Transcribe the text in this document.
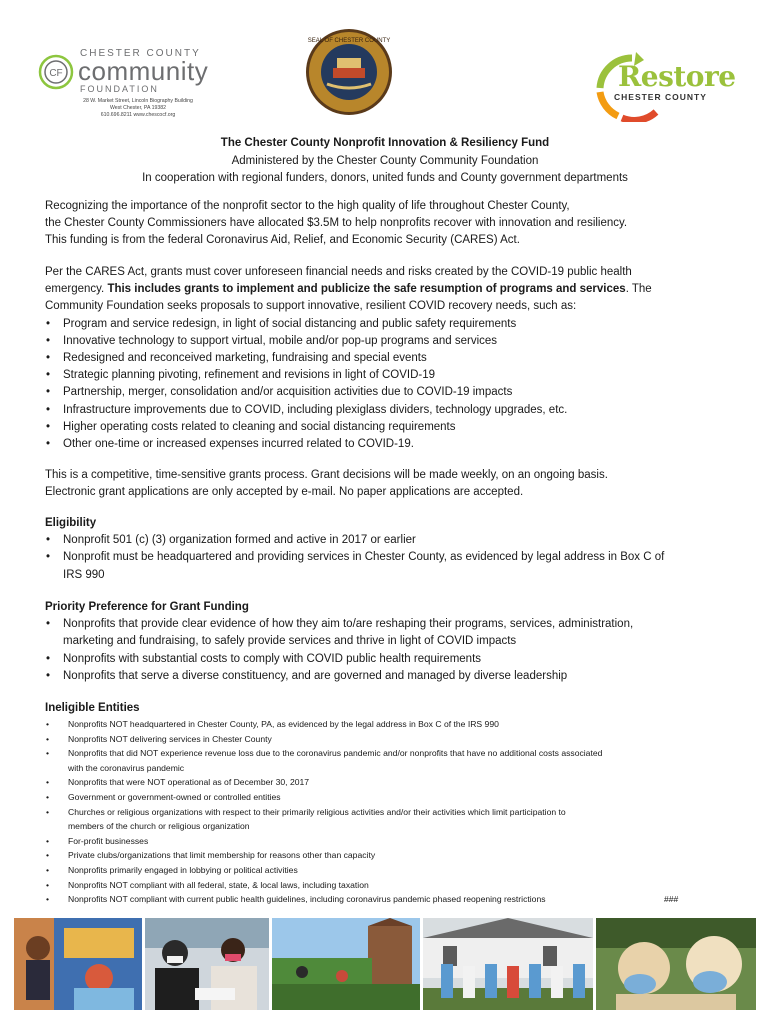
CF
CHESTER COUNTY
community
FOUNDATION
28 W. Market Street, Lincoln Biography Building
West Chester, PA 19382
610.696.8211 www.chescocf.org
SEAL OF CHESTER COUNTY
Restore
CHESTER COUNTY
The Chester County Nonprofit Innovation & Resiliency Fund
Administered by the Chester County Community Foundation
In cooperation with regional funders, donors, united funds and County government departments
Recognizing the importance of the nonprofit sector to the high quality of life throughout Chester County,
the Chester County Commissioners have allocated $3.5M to help nonprofits recover with innovation and resiliency.
This funding is from the federal Coronavirus Aid, Relief, and Economic Security (CARES) Act.
Per the CARES Act, grants must cover unforeseen financial needs and risks created by the COVID-19 public health
emergency. This includes grants to implement and publicize the safe resumption of programs and services. The
Community Foundation seeks proposals to support innovative, resilient COVID recovery needs, such as:
• Program and service redesign, in light of social distancing and public safety requirements
• Innovative technology to support virtual, mobile and/or pop-up programs and services
• Redesigned and reconceived marketing, fundraising and special events
• Strategic planning pivoting, refinement and revisions in light of COVID-19
• Partnership, merger, consolidation and/or acquisition activities due to COVID-19 impacts
• Infrastructure improvements due to COVID, including plexiglass dividers, technology upgrades, etc.
• Higher operating costs related to cleaning and social distancing requirements
• Other one-time or increased expenses incurred related to COVID-19.
This is a competitive, time-sensitive grants process. Grant decisions will be made weekly, on an ongoing basis.
Electronic grant applications are only accepted by e-mail. No paper applications are accepted.
Eligibility
• Nonprofit 501 (c) (3) organization formed and active in 2017 or earlier
• Nonprofit must be headquartered and providing services in Chester County, as evidenced by legal address in Box C of
IRS 990
Priority Preference for Grant Funding
• Nonprofits that provide clear evidence of how they aim to/are reshaping their programs, services, administration,
marketing and fundraising, to safely provide services and thrive in light of COVID impacts
• Nonprofits with substantial costs to comply with COVID public health requirements
• Nonprofits that serve a diverse constituency, and are governed and managed by diverse leadership
Ineligible Entities
• Nonprofits NOT headquartered in Chester County, PA, as evidenced by the legal address in Box C of the IRS 990
• Nonprofits NOT delivering services in Chester County
• Nonprofits that did NOT experience revenue loss due to the coronavirus pandemic and/or nonprofits that have no additional costs associated
with the coronavirus pandemic
• Nonprofits that were NOT operational as of December 30, 2017
• Government or government-owned or controlled entities
• Churches or religious organizations with respect to their primarily religious activities and/or their activities which limit participation to
members of the church or religious organization
• For-profit businesses
• Private clubs/organizations that limit membership for reasons other than capacity
• Nonprofits primarily engaged in lobbying or political activities
• Nonprofits NOT compliant with all federal, state, & local laws, including taxation
• Nonprofits NOT compliant with current public health guidelines, including coronavirus pandemic phased reopening restrictions	###
